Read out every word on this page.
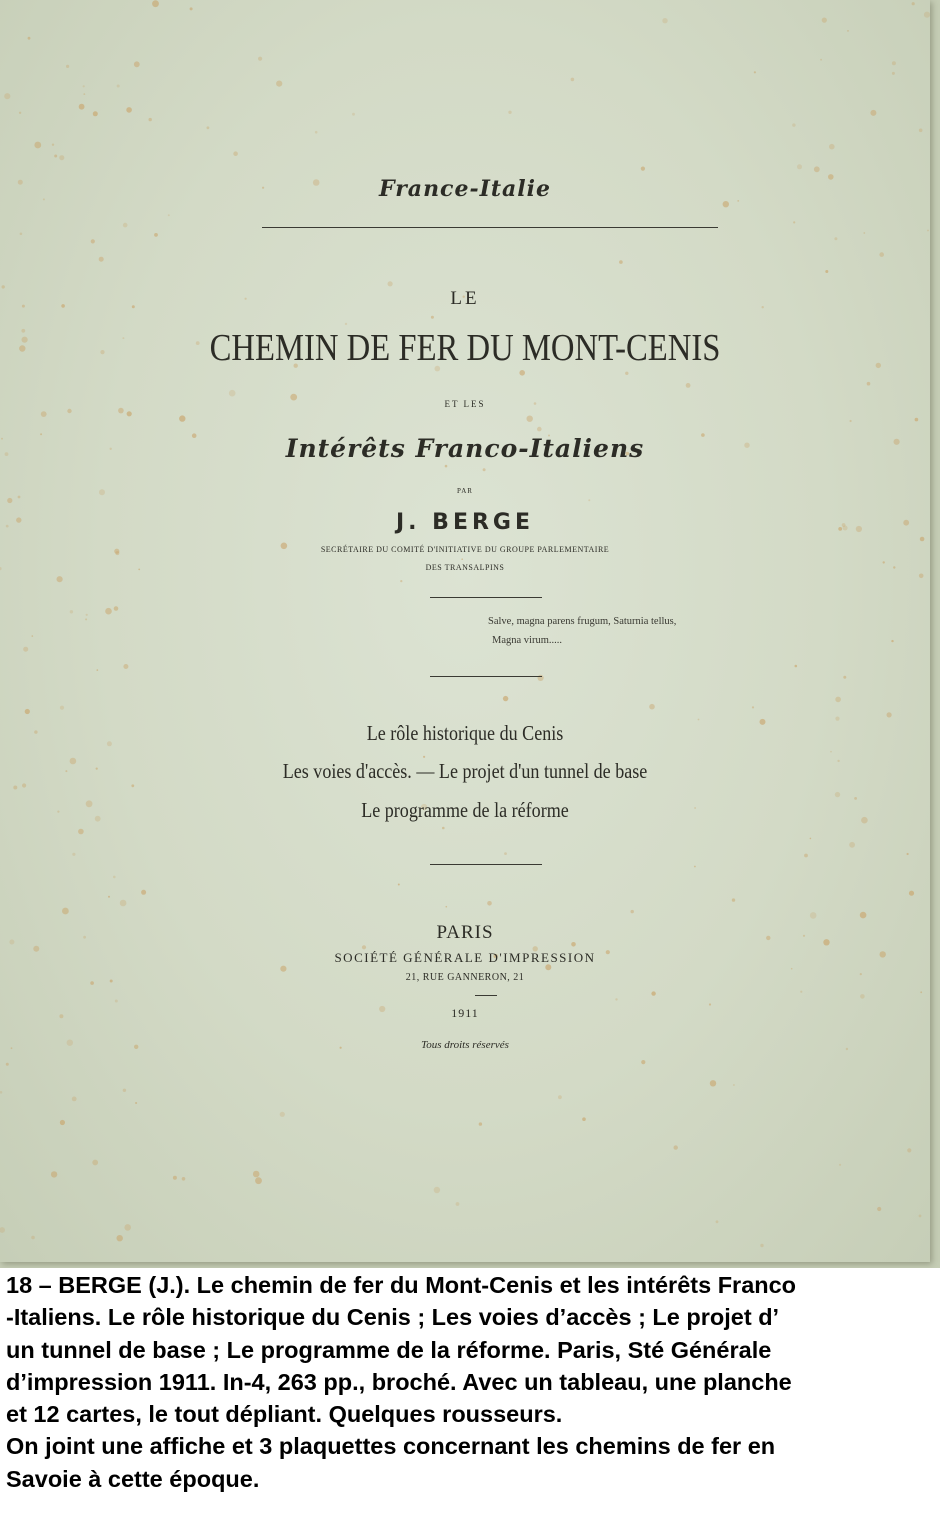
France-Italie
LE
CHEMIN DE FER DU MONT-CENIS
ET LES
Intérêts Franco-Italiens
PAR
J. BERGE
SECRÉTAIRE DU COMITÉ D'INITIATIVE DU GROUPE PARLEMENTAIRE
DES TRANSALPINS
Salve, magna parens frugum, Saturnia tellus,
Magna virum.....
Le rôle historique du Cenis
Les voies d'accès. — Le projet d'un tunnel de base
Le programme de la réforme
PARIS
SOCIÉTÉ GÉNÉRALE D'IMPRESSION
21, RUE GANNERON, 21
1911
Tous droits réservés
18 – BERGE (J.). Le chemin de fer du Mont-Cenis et les intérêts Franco
-Italiens. Le rôle historique du Cenis ; Les voies d’accès ; Le projet d’
un tunnel de base ; Le programme de la réforme. Paris, Sté Générale
d’impression 1911. In-4, 263 pp., broché. Avec un tableau, une planche
et 12 cartes, le tout dépliant. Quelques rousseurs.
On joint une affiche et 3 plaquettes concernant les chemins de fer en
Savoie à cette époque.
